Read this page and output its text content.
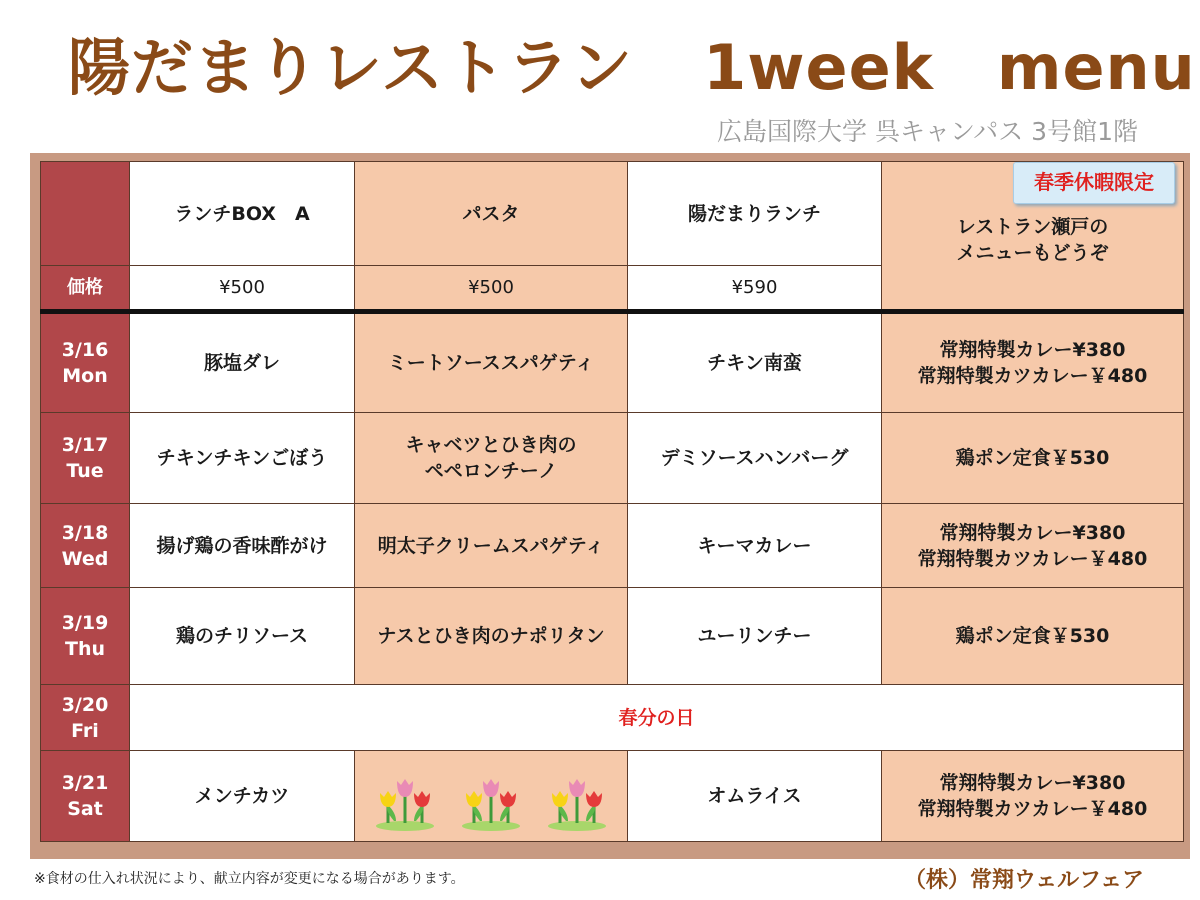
陽だまりレストラン 1week　menu
広島国際大学 呉キャンパス 3号館1階
	ランチBOX　A	パスタ	陽だまりランチ	春季休暇限定
レストラン瀬戸の
メニューもどうぞ

価格	¥500	¥500	¥590	
3/16
Mon	豚塩ダレ	ミートソーススパゲティ	チキン南蛮	常翔特製カレー¥380
常翔特製カツカレー￥480
3/17
Tue	チキンチキンごぼう	キャベツとひき肉の
ペペロンチーノ	デミソースハンバーグ	鶏ポン定食￥530
3/18
Wed	揚げ鶏の香味酢がけ	明太子クリームスパゲティ	キーマカレー	常翔特製カレー¥380
常翔特製カツカレー￥480
3/19
Thu	鶏のチリソース	ナスとひき肉のナポリタン	ユーリンチー	鶏ポン定食￥530
3/20
Fri	春分の日			
3/21
Sat	メンチカツ		オムライス	常翔特製カレー¥380
常翔特製カツカレー￥480
※食材の仕入れ状況により、献立内容が変更になる場合があります。	（株）常翔ウェルフェア
